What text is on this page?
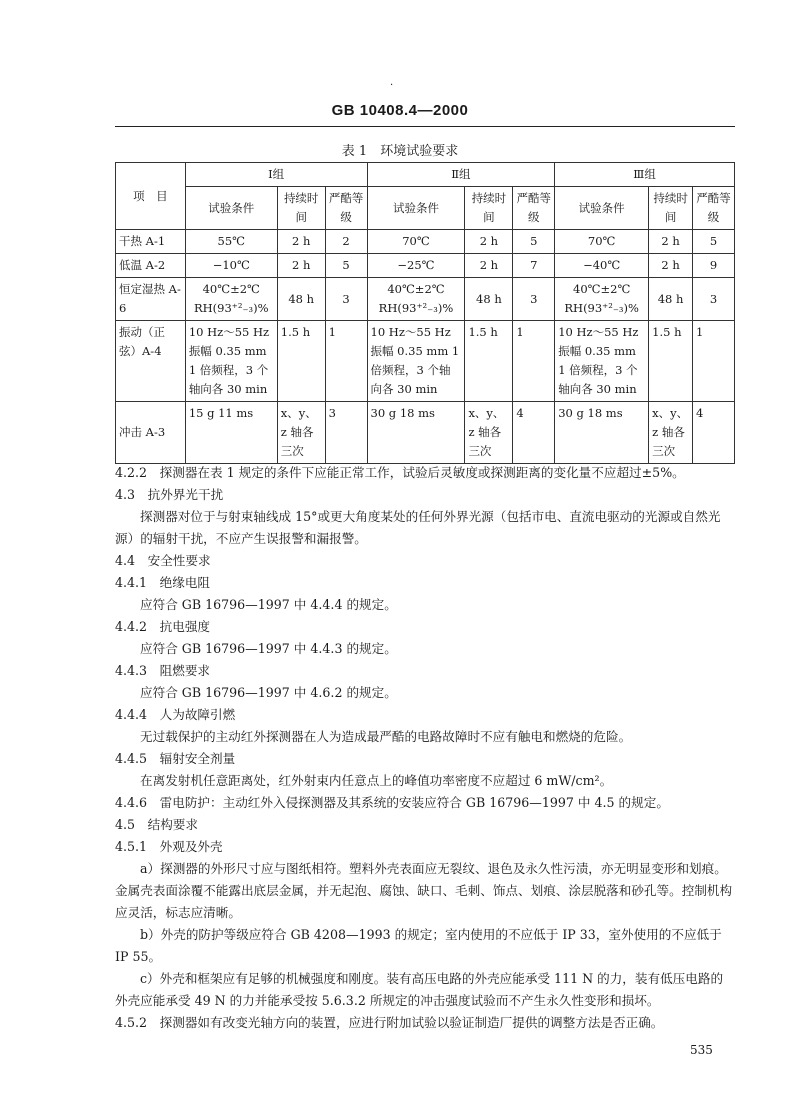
·
GB 10408.4—2000
表 1　环境试验要求
项　目	Ⅰ组			Ⅱ组			Ⅲ组		
	试验条件	持续时间	严酷等级	试验条件	持续时间	严酷等级	试验条件	持续时间	严酷等级
干热 A-1	55℃	2 h	2	70℃	2 h	5	70℃	2 h	5
低温 A-2	−10℃	2 h	5	−25℃	2 h	7	−40℃	2 h	9
恒定湿热 A-6	40℃±2℃ RH(93⁺²₋₃)%	48 h	3	40℃±2℃ RH(93⁺²₋₃)%	48 h	3	40℃±2℃ RH(93⁺²₋₃)%	48 h	3
振动（正弦）A-4	10 Hz～55 Hz 振幅 0.35 mm 1 倍频程，3 个轴向各 30 min	1.5 h	1	10 Hz～55 Hz 振幅 0.35 mm 1 倍频程，3 个轴向各 30 min	1.5 h	1	10 Hz～55 Hz 振幅 0.35 mm 1 倍频程，3 个轴向各 30 min	1.5 h	1
冲击 A-3	15 g 11 ms	x、y、z 轴各三次	3	30 g 18 ms	x、y、z 轴各三次	4	30 g 18 ms	x、y、z 轴各三次	4

4.2.2　探测器在表 1 规定的条件下应能正常工作，试验后灵敏度或探测距离的变化量不应超过±5%。

4.3　抗外界光干扰

探测器对位于与射束轴线成 15°或更大角度某处的任何外界光源（包括市电、直流电驱动的光源或自然光源）的辐射干扰，不应产生误报警和漏报警。

4.4　安全性要求

4.4.1　绝缘电阻

应符合 GB 16796—1997 中 4.4.4 的规定。

4.4.2　抗电强度

应符合 GB 16796—1997 中 4.4.3 的规定。

4.4.3　阻燃要求

应符合 GB 16796—1997 中 4.6.2 的规定。

4.4.4　人为故障引燃

无过载保护的主动红外探测器在人为造成最严酷的电路故障时不应有触电和燃烧的危险。

4.4.5　辐射安全剂量

在离发射机任意距离处，红外射束内任意点上的峰值功率密度不应超过 6 mW/cm²。

4.4.6　雷电防护：主动红外入侵探测器及其系统的安装应符合 GB 16796—1997 中 4.5 的规定。

4.5　结构要求

4.5.1　外观及外壳

a）探测器的外形尺寸应与图纸相符。塑料外壳表面应无裂纹、退色及永久性污渍，亦无明显变形和划痕。金属壳表面涂覆不能露出底层金属，并无起泡、腐蚀、缺口、毛刺、饰点、划痕、涂层脱落和砂孔等。控制机构应灵活，标志应清晰。

b）外壳的防护等级应符合 GB 4208—1993 的规定；室内使用的不应低于 IP 33，室外使用的不应低于 IP 55。

c）外壳和框架应有足够的机械强度和刚度。装有高压电路的外壳应能承受 111 N 的力，装有低压电路的外壳应能承受 49 N 的力并能承受按 5.6.3.2 所规定的冲击强度试验而不产生永久性变形和损坏。

4.5.2　探测器如有改变光轴方向的装置，应进行附加试验以验证制造厂提供的调整方法是否正确。

535
